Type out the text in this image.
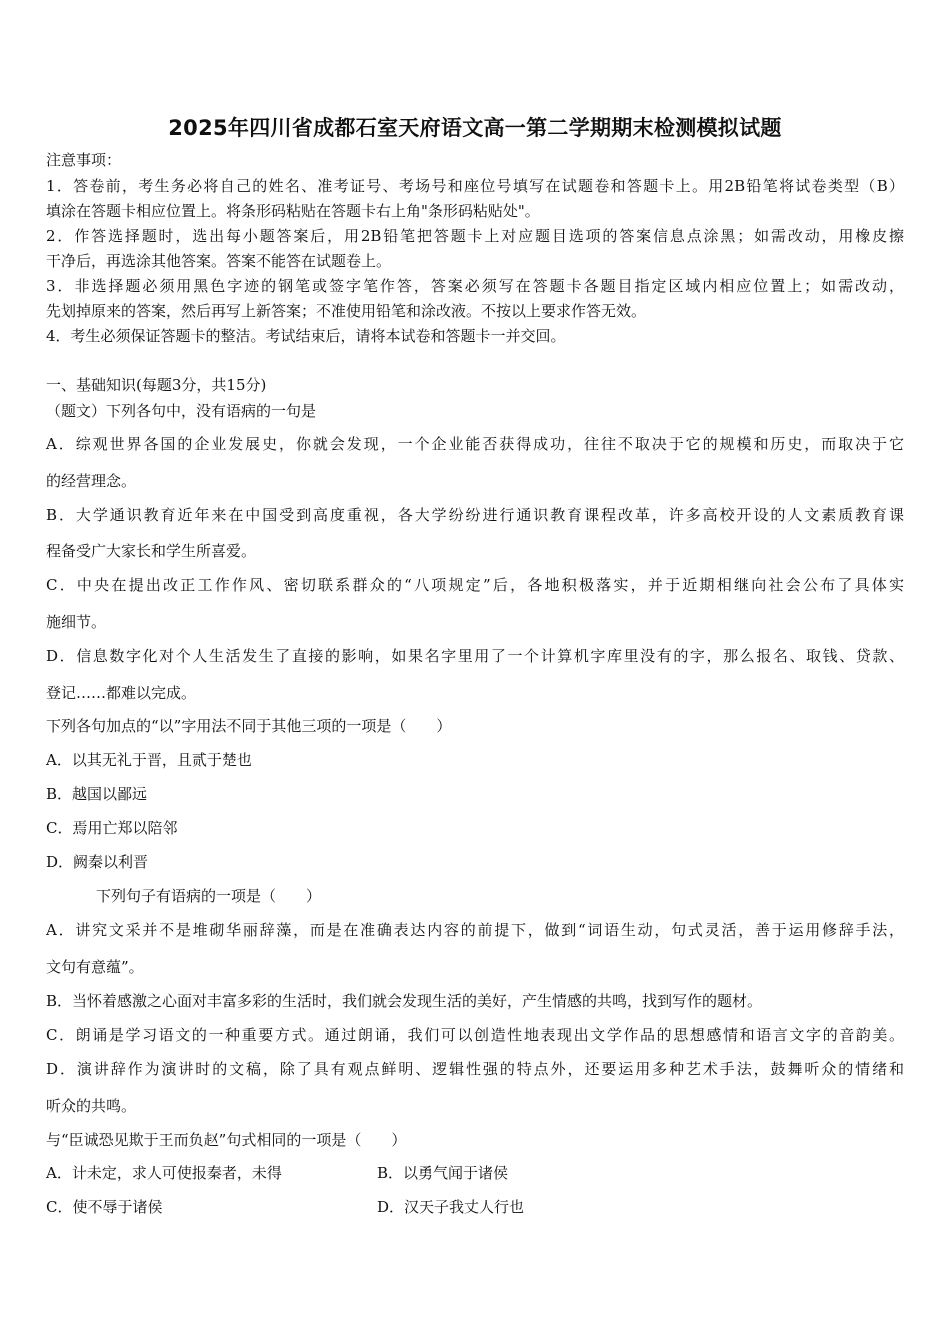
2025年四川省成都石室天府语文高一第二学期期末检测模拟试题
注意事项：
1．答卷前，考生务必将自己的姓名、准考证号、考场号和座位号填写在试题卷和答题卡上。用2B铅笔将试卷类型（B）
填涂在答题卡相应位置上。将条形码粘贴在答题卡右上角"条形码粘贴处"。
2．作答选择题时，选出每小题答案后，用2B铅笔把答题卡上对应题目选项的答案信息点涂黑；如需改动，用橡皮擦
干净后，再选涂其他答案。答案不能答在试题卷上。
3．非选择题必须用黑色字迹的钢笔或签字笔作答，答案必须写在答题卡各题目指定区域内相应位置上；如需改动，
先划掉原来的答案，然后再写上新答案；不准使用铅笔和涂改液。不按以上要求作答无效。
4．考生必须保证答题卡的整洁。考试结束后，请将本试卷和答题卡一并交回。
一、基础知识(每题3分，共15分)
（题文）下列各句中，没有语病的一句是
A．综观世界各国的企业发展史，你就会发现，一个企业能否获得成功，往往不取决于它的规模和历史，而取决于它
的经营理念。
B．大学通识教育近年来在中国受到高度重视，各大学纷纷进行通识教育课程改革，许多高校开设的人文素质教育课
程备受广大家长和学生所喜爱。
C．中央在提出改正工作作风、密切联系群众的“八项规定”后，各地积极落实，并于近期相继向社会公布了具体实
施细节。
D．信息数字化对个人生活发生了直接的影响，如果名字里用了一个计算机字库里没有的字，那么报名、取钱、贷款、
登记……都难以完成。
下列各句加点的“以”字用法不同于其他三项的一项是（　　）
A．以其无礼于晋，且贰于楚也
B．越国以鄙远
C．焉用亡郑以陪邻
D．阙秦以利晋
下列句子有语病的一项是（　　）
A．讲究文采并不是堆砌华丽辞藻，而是在准确表达内容的前提下，做到“词语生动，句式灵活，善于运用修辞手法，
文句有意蕴”。
B．当怀着感激之心面对丰富多彩的生活时，我们就会发现生活的美好，产生情感的共鸣，找到写作的题材。
C．朗诵是学习语文的一种重要方式。通过朗诵，我们可以创造性地表现出文学作品的思想感情和语言文字的音韵美。
D．演讲辞作为演讲时的文稿，除了具有观点鲜明、逻辑性强的特点外，还要运用多种艺术手法，鼓舞听众的情绪和
听众的共鸣。
与“臣诚恐见欺于王而负赵”句式相同的一项是（　　）
A．计未定，求人可使报秦者，未得	B．以勇气闻于诸侯
C．使不辱于诸侯	D．汉天子我丈人行也
